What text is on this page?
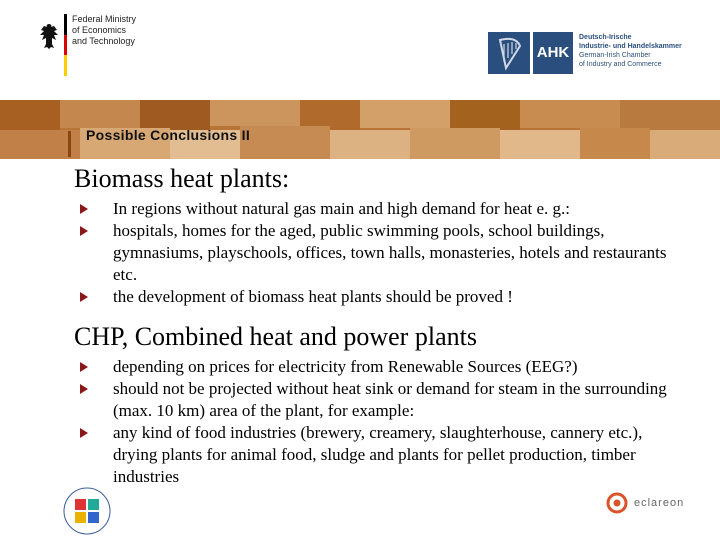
Federal Ministry
of Economics
and Technology
AHK
Deutsch-Irische
Industrie- und Handelskammer
German-Irish Chamber
of Industry and Commerce
Possible Conclusions II
Biomass heat plants:
In regions without natural gas main and high demand for heat e. g.:
hospitals, homes for the aged, public swimming pools, school buildings, gymnasiums, playschools, offices, town halls, monasteries, hotels and restaurants etc.
the development of biomass heat plants should be proved !
CHP, Combined heat and power plants
depending on prices for electricity from Renewable Sources (EEG?)
should not be projected without heat sink or demand for steam in the surrounding (max. 10 km) area of the plant, for example:
any kind of food industries (brewery, creamery, slaughterhouse, cannery etc.), drying plants for animal food, sludge and plants for pellet production, timber industries
eclareon
